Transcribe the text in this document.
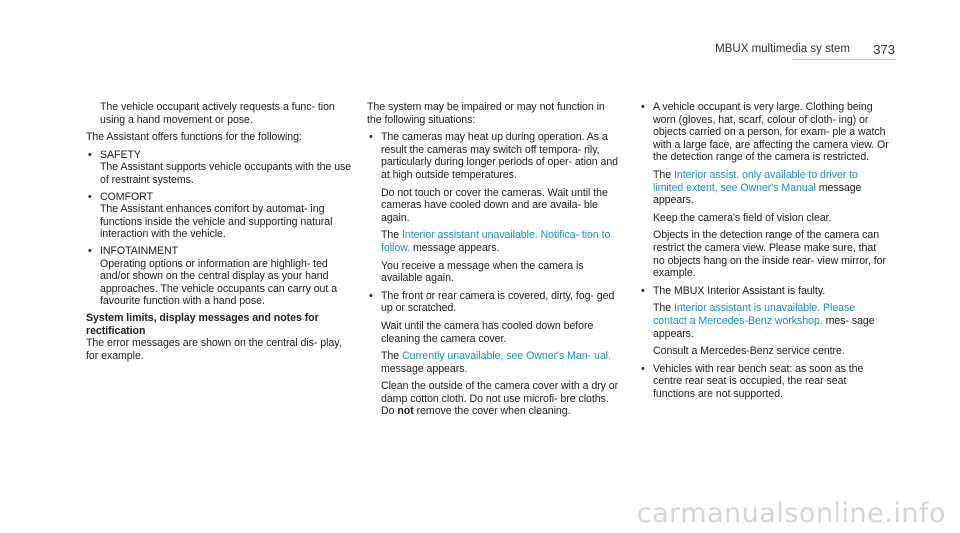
MBUX multimedia sy stem 373

The vehicle occupant actively requests a func- tion using a hand movement or pose.

The Assistant offers functions for the following:

• SAFETY
The Assistant supports vehicle occupants with the use of restraint systems.
• COMFORT
The Assistant enhances comfort by automat- ing functions inside the vehicle and supporting natural interaction with the vehicle.
• INFOTAINMENT
Operating options or information are highligh- ted and/or shown on the central display as your hand approaches. The vehicle occupants can carry out a favourite function with a hand pose.
System limits, display messages and notes for rectification

The error messages are shown on the central dis- play, for example.

The system may be impaired or may not function in the following situations:

• The cameras may heat up during operation. As a result the cameras may switch off tempora- rily, particularly during longer periods of oper- ation and at high outside temperatures.

Do not touch or cover the cameras. Wait until the cameras have cooled down and are availa- ble again.

The Interior assistant unavailable. Notifica- tion to follow. message appears.

You receive a message when the camera is available again.

• The front or rear camera is covered, dirty, fog- ged up or scratched.

Wait until the camera has cooled down before cleaning the camera cover.

The Currently unavailable, see Owner's Man- ual. message appears.

Clean the outside of the camera cover with a dry or damp cotton cloth. Do not use microfi- bre cloths. Do not remove the cover when cleaning.

• A vehicle occupant is very large. Clothing being worn (gloves, hat, scarf, colour of cloth- ing) or objects carried on a person, for exam- ple a watch with a large face, are affecting the camera view. Or the detection range of the camera is restricted.

The Interior assist. only available to driver to limited extent, see Owner's Manual message appears.

Keep the camera's field of vision clear.

Objects in the detection range of the camera can restrict the camera view. Please make sure, that no objects hang on the inside rear- view mirror, for example.

• The MBUX Interior Assistant is faulty.

The Interior assistant is unavailable. Please contact a Mercedes-Benz workshop. mes- sage appears.

Consult a Mercedes-Benz service centre.

• Vehicles with rear bench seat: as soon as the centre rear seat is occupied, the rear seat functions are not supported.

carmanualsonline.info
